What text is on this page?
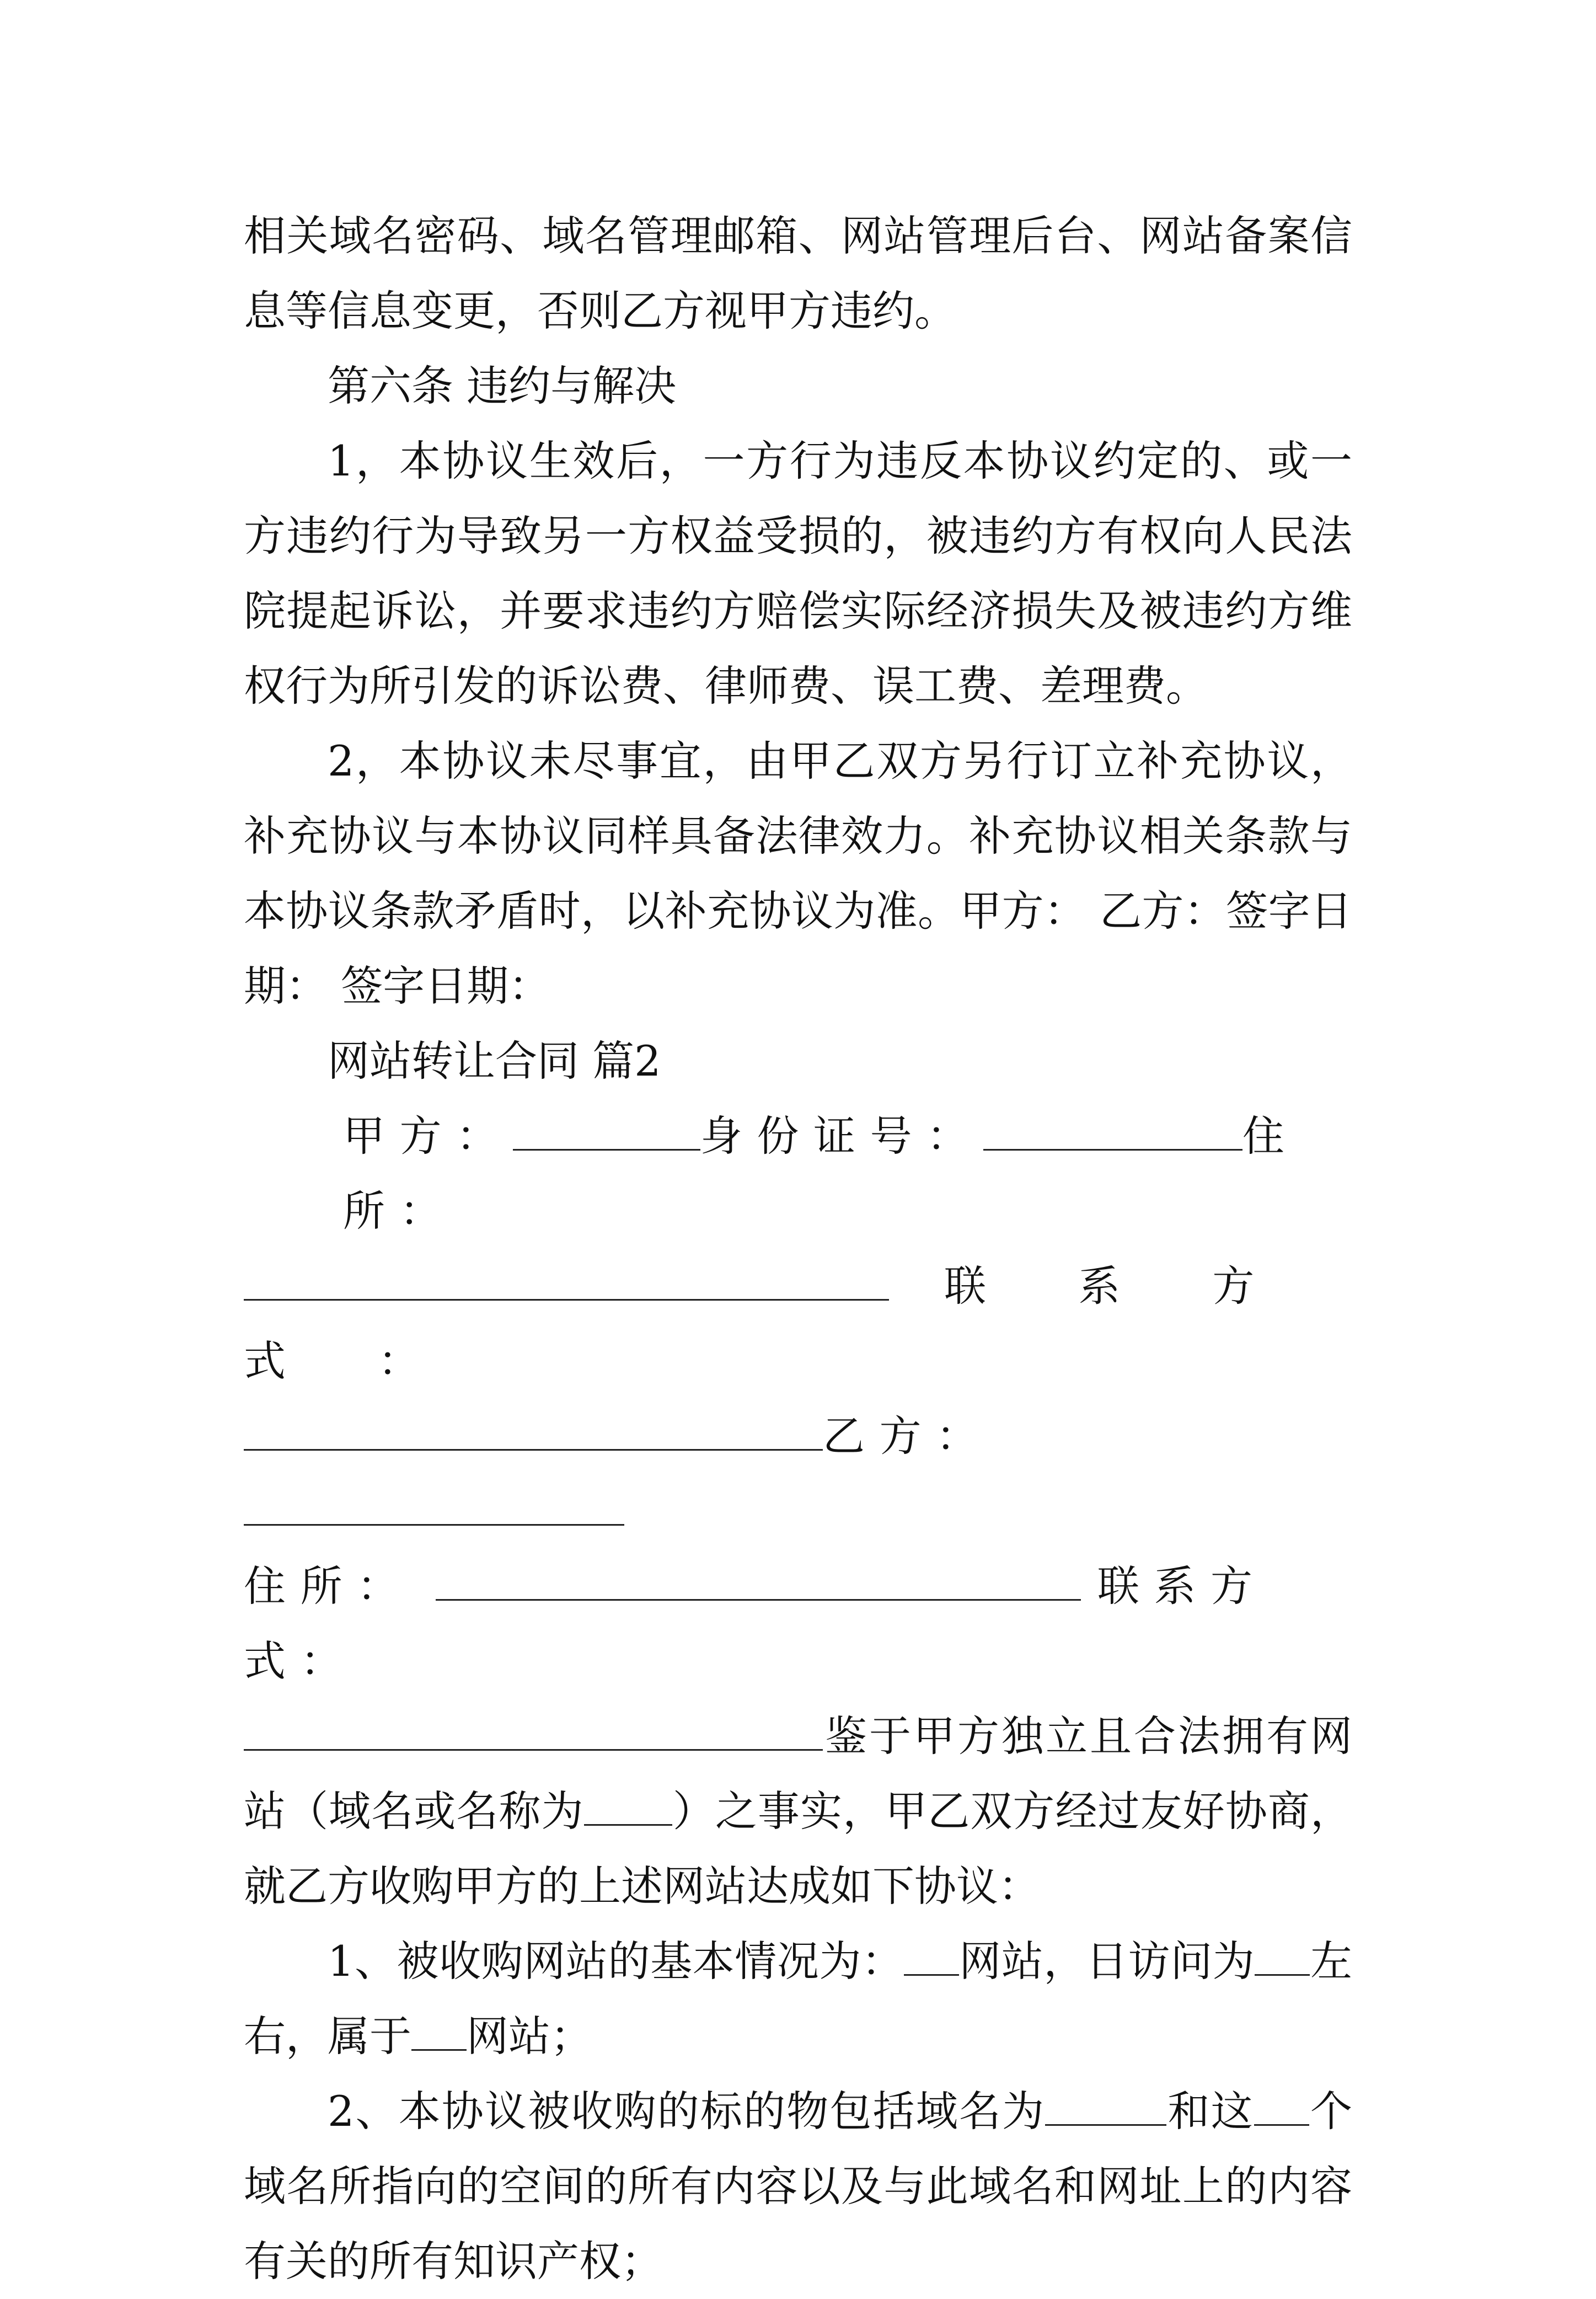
相关域名密码、域名管理邮箱、网站管理后台、网站备案信息等信息变更，否则乙方视甲方违约。

第六条 违约与解决

1，本协议生效后，一方行为违反本协议约定的、或一方违约行为导致另一方权益受损的，被违约方有权向人民法院提起诉讼，并要求违约方赔偿实际经济损失及被违约方维权行为所引发的诉讼费、律师费、误工费、差理费。

2，本协议未尽事宜，由甲乙双方另行订立补充协议，补充协议与本协议同样具备法律效力。补充协议相关条款与本协议条款矛盾时，以补充协议为准。甲方： 乙方：签字日期： 签字日期：

网站转让合同 篇2

甲方：	身份证号：	住所：
联系方式：
乙方：
住所：	联系方式：

鉴于甲方独立且合法拥有网站（域名或名称为 ）之事实，甲乙双方经过友好协商，就乙方收购甲方的上述网站达成如下协议：

1、被收购网站的基本情况为： 网站，日访问为 左右，属于 网站；

2、本协议被收购的标的物包括域名为	和这 个域名所指向的空间的所有内容以及与此域名和网址上的内容有关的所有知识产权；
